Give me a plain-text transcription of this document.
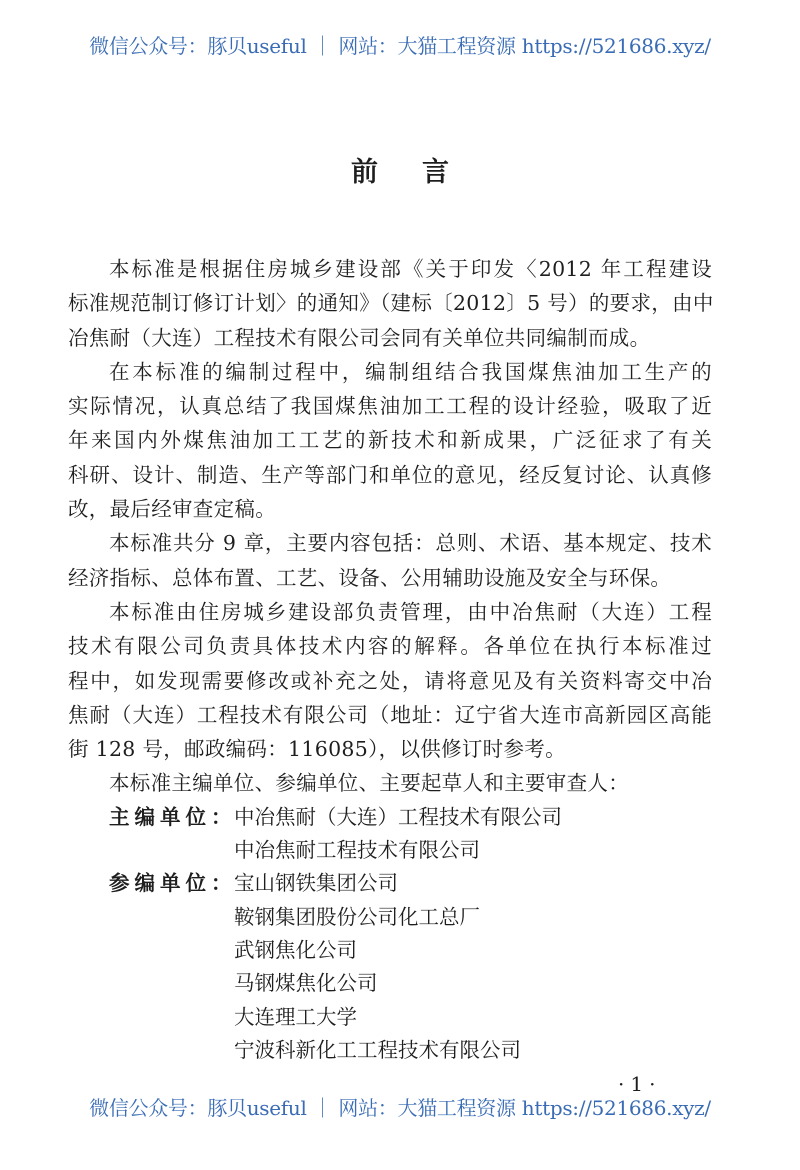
微信公众号：豚贝useful ｜ 网站：大猫工程资源 https://521686.xyz/
前 言
本标准是根据住房城乡建设部《关于印发〈2012 年工程建设
标准规范制订修订计划〉的通知》（建标〔2012〕5 号）的要求，由中
冶焦耐（大连）工程技术有限公司会同有关单位共同编制而成。
在本标准的编制过程中，编制组结合我国煤焦油加工生产的
实际情况，认真总结了我国煤焦油加工工程的设计经验，吸取了近
年来国内外煤焦油加工工艺的新技术和新成果，广泛征求了有关
科研、设计、制造、生产等部门和单位的意见，经反复讨论、认真修
改，最后经审查定稿。
本标准共分 9 章，主要内容包括：总则、术语、基本规定、技术
经济指标、总体布置、工艺、设备、公用辅助设施及安全与环保。
本标准由住房城乡建设部负责管理，由中冶焦耐（大连）工程
技术有限公司负责具体技术内容的解释。各单位在执行本标准过
程中，如发现需要修改或补充之处，请将意见及有关资料寄交中冶
焦耐（大连）工程技术有限公司（地址：辽宁省大连市高新园区高能
街 128 号，邮政编码：116085），以供修订时参考。
本标准主编单位、参编单位、主要起草人和主要审查人：
主编单位：
中冶焦耐（大连）工程技术有限公司
中冶焦耐工程技术有限公司
参编单位：
宝山钢铁集团公司
鞍钢集团股份公司化工总厂
武钢焦化公司
马钢煤焦化公司
大连理工大学
宁波科新化工工程技术有限公司
·1·
微信公众号：豚贝useful ｜ 网站：大猫工程资源 https://521686.xyz/
